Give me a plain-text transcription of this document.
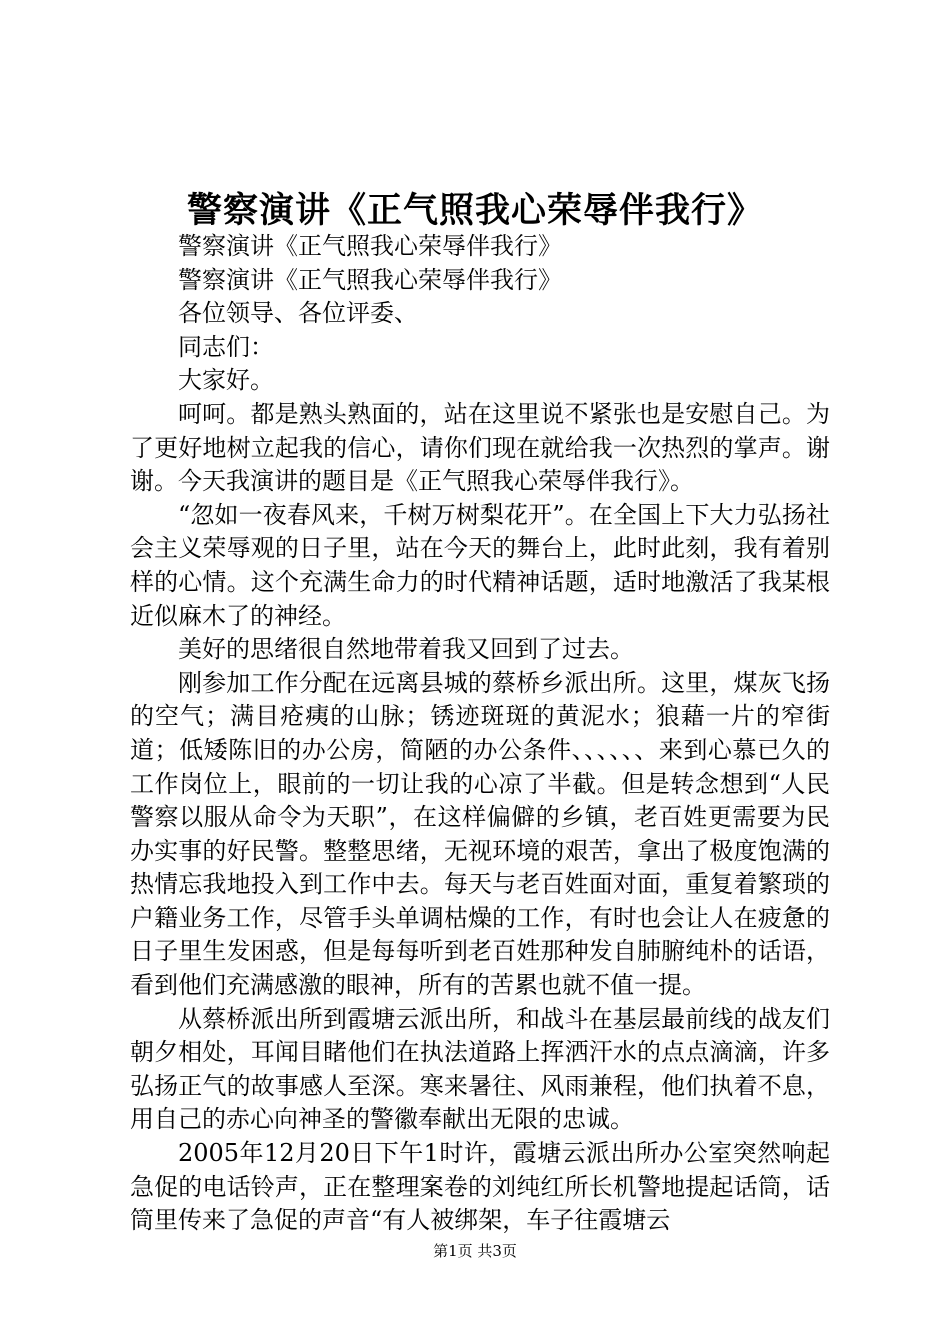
警察演讲《正气照我心荣辱伴我行》

警察演讲《正气照我心荣辱伴我行》

警察演讲《正气照我心荣辱伴我行》

各位领导、各位评委、

同志们：

大家好。

呵呵。都是熟头熟面的，站在这里说不紧张也是安慰自己。为了更好地树立起我的信心，请你们现在就给我一次热烈的掌声。谢谢。今天我演讲的题目是《正气照我心荣辱伴我行》。

“忽如一夜春风来，千树万树梨花开”。在全国上下大力弘扬社会主义荣辱观的日子里，站在今天的舞台上，此时此刻，我有着别样的心情。这个充满生命力的时代精神话题，适时地激活了我某根近似麻木了的神经。

美好的思绪很自然地带着我又回到了过去。

刚参加工作分配在远离县城的蔡桥乡派出所。这里，煤灰飞扬的空气；满目疮痍的山脉；锈迹斑斑的黄泥水；狼藉一片的窄街道；低矮陈旧的办公房，简陋的办公条件、、、、、、来到心慕已久的工作岗位上，眼前的一切让我的心凉了半截。但是转念想到“人民警察以服从命令为天职”，在这样偏僻的乡镇，老百姓更需要为民办实事的好民警。整整思绪，无视环境的艰苦，拿出了极度饱满的热情忘我地投入到工作中去。每天与老百姓面对面，重复着繁琐的户籍业务工作，尽管手头单调枯燥的工作，有时也会让人在疲惫的日子里生发困惑，但是每每听到老百姓那种发自肺腑纯朴的话语，看到他们充满感激的眼神，所有的苦累也就不值一提。

从蔡桥派出所到霞塘云派出所，和战斗在基层最前线的战友们朝夕相处，耳闻目睹他们在执法道路上挥洒汗水的点点滴滴，许多弘扬正气的故事感人至深。寒来暑往、风雨兼程，他们执着不息，用自己的赤心向神圣的警徽奉献出无限的忠诚。

2005年12月20日下午1时许，霞塘云派出所办公室突然响起急促的电话铃声，正在整理案卷的刘纯红所长机警地提起话筒，话筒里传来了急促的声音“有人被绑架，车子往霞塘云

第1页 共3页
